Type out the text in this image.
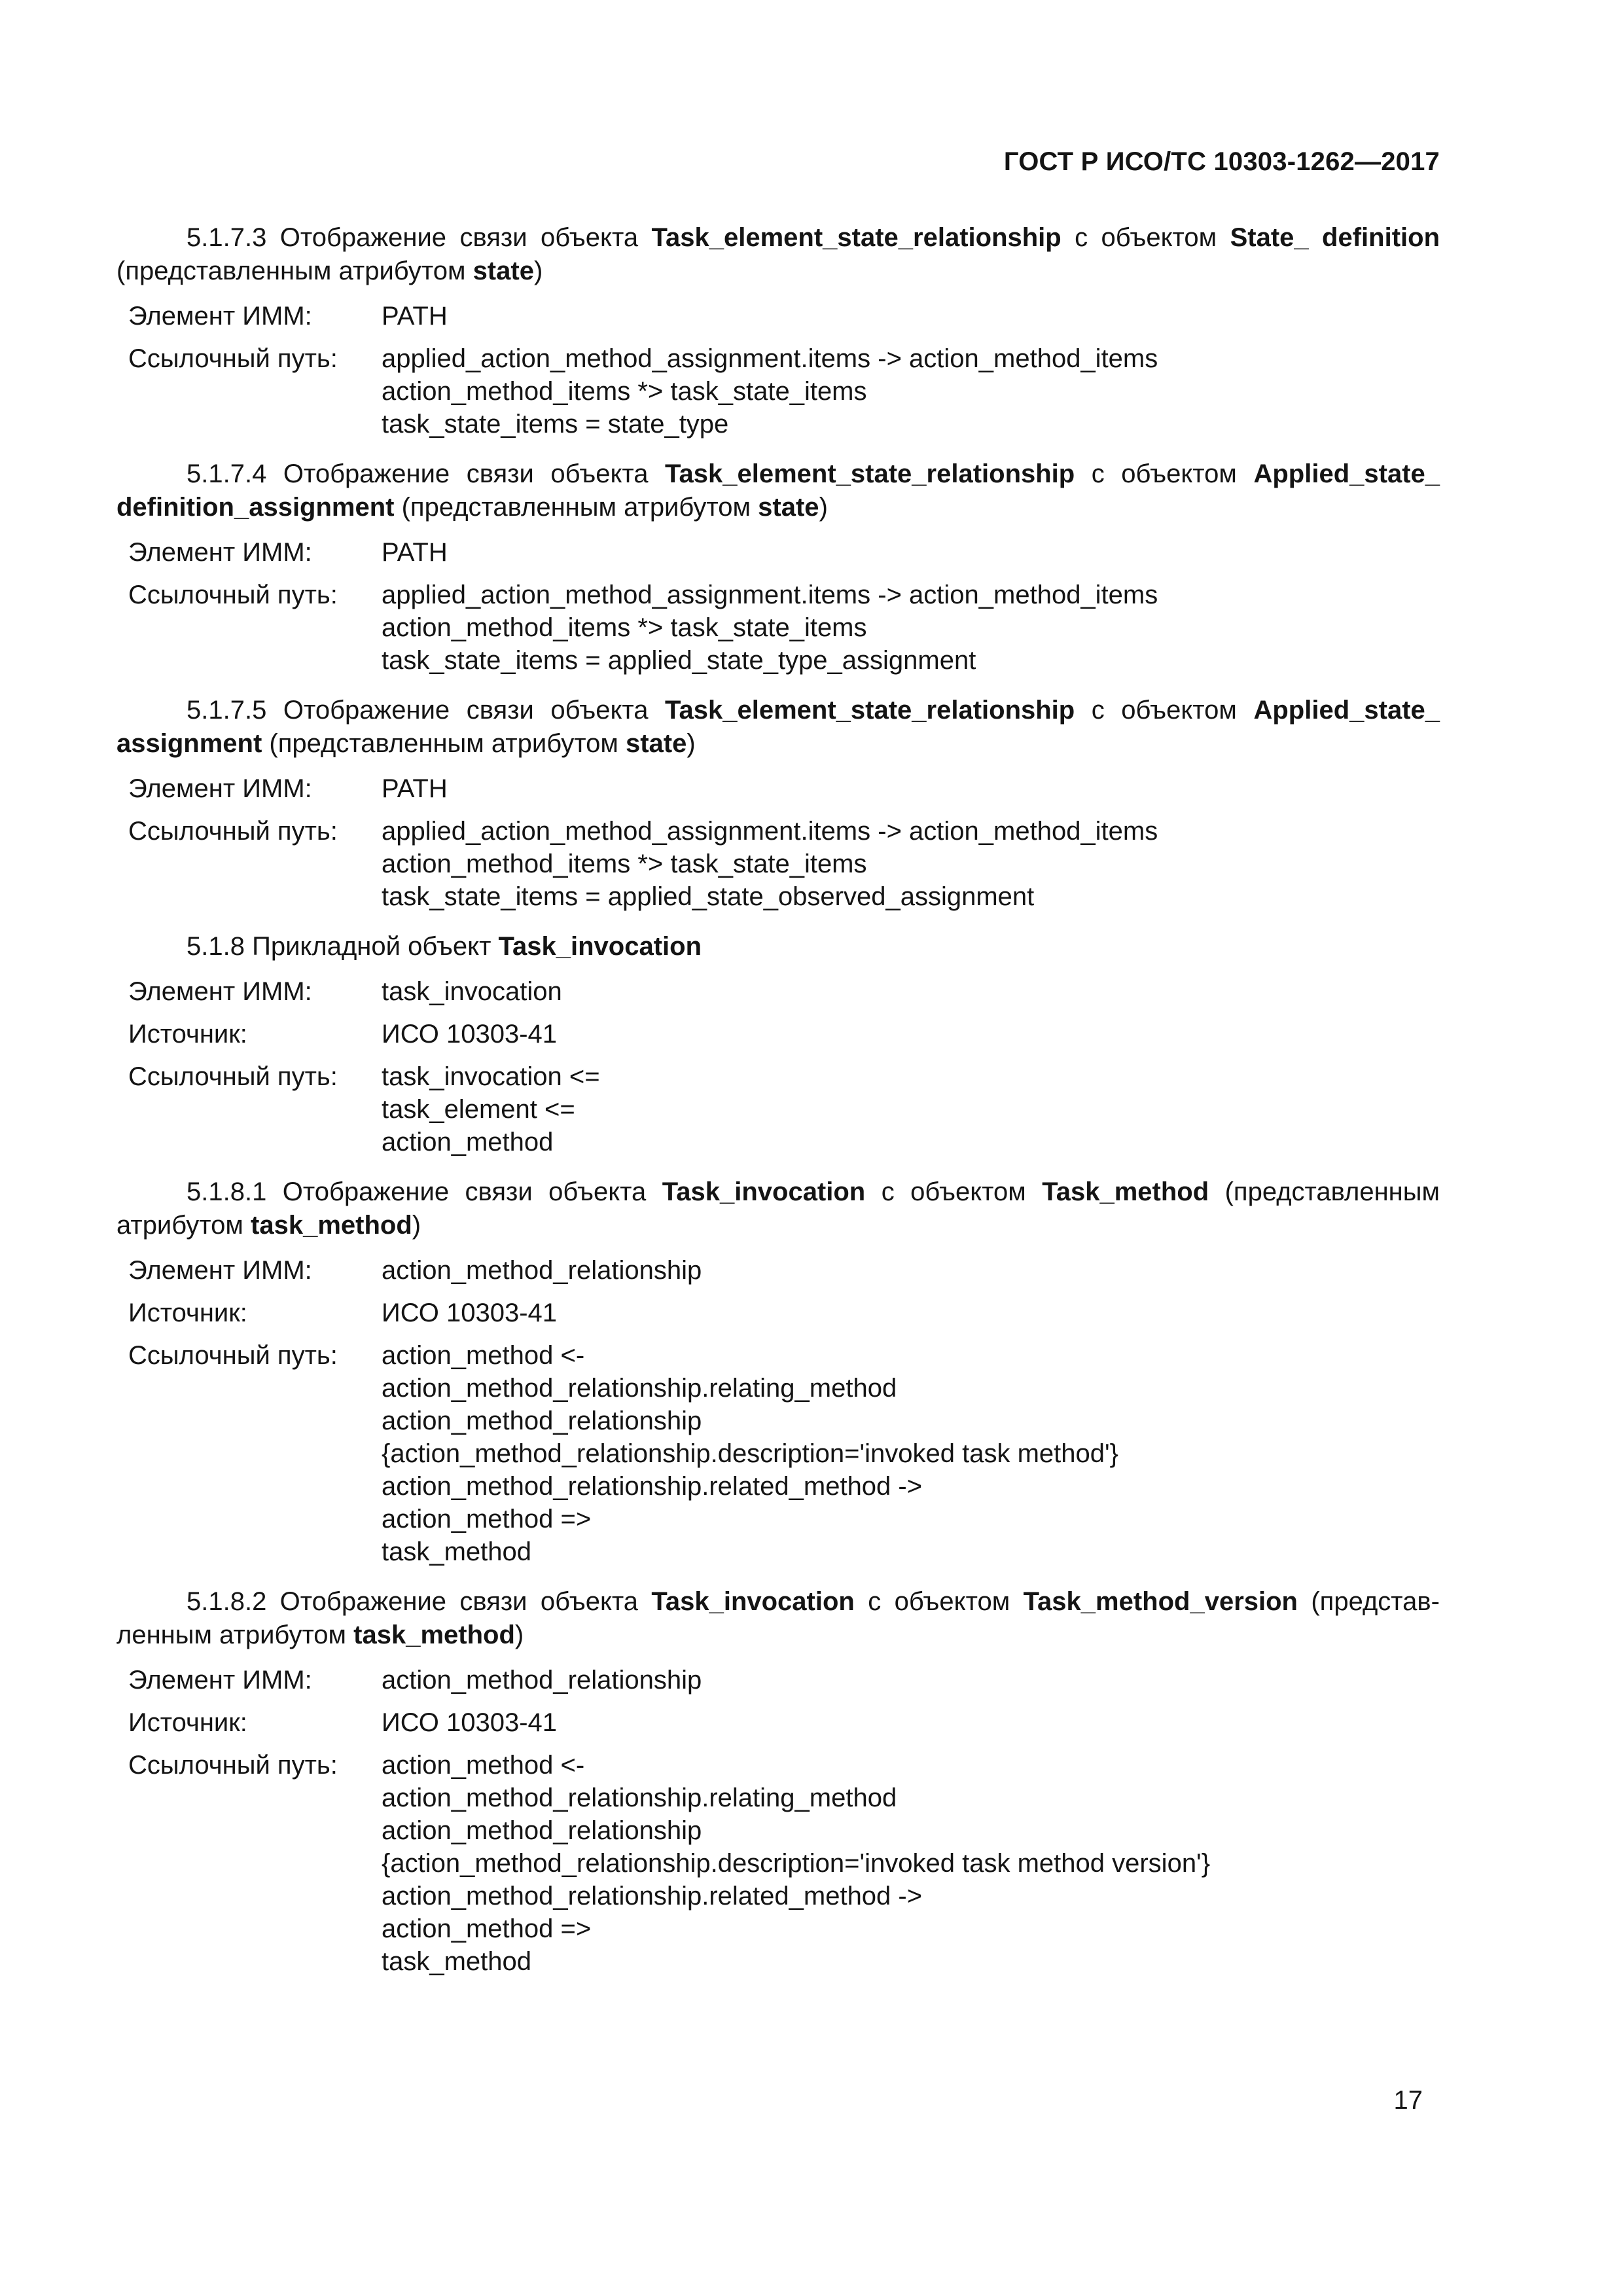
ГОСТ Р ИСО/ТС 10303-1262—2017

5.1.7.3 Отображение связи объекта Task_element_state_relationship с объектом State_ definition (представленным атрибутом state)

Элемент ИММ:	PATH
Ссылочный путь:	applied_action_method_assignment.items -> action_method_items
action_method_items *> task_state_items
task_state_items = state_type

5.1.7.4 Отображение связи объекта Task_element_state_relationship с объектом Applied_state_ definition_assignment (представленным атрибутом state)

Элемент ИММ:	PATH
Ссылочный путь:	applied_action_method_assignment.items -> action_method_items
action_method_items *> task_state_items
task_state_items = applied_state_type_assignment

5.1.7.5 Отображение связи объекта Task_element_state_relationship с объектом Applied_state_ assignment (представленным атрибутом state)

Элемент ИММ:	PATH
Ссылочный путь:	applied_action_method_assignment.items -> action_method_items
action_method_items *> task_state_items
task_state_items = applied_state_observed_assignment

5.1.8 Прикладной объект Task_invocation

Элемент ИММ:	task_invocation
Источник:	ИСО 10303-41
Ссылочный путь:	task_invocation <=
task_element <=
action_method

5.1.8.1 Отображение связи объекта Task_invocation с объектом Task_method (представленным атрибутом task_method)

Элемент ИММ:	action_method_relationship
Источник:	ИСО 10303-41
Ссылочный путь:	action_method <-
action_method_relationship.relating_method
action_method_relationship
{action_method_relationship.description='invoked task method'}
action_method_relationship.related_method ->
action_method =>
task_method

5.1.8.2 Отображение связи объекта Task_invocation с объектом Task_method_version (представленным атрибутом task_method)

Элемент ИММ:	action_method_relationship
Источник:	ИСО 10303-41
Ссылочный путь:	action_method <-
action_method_relationship.relating_method
action_method_relationship
{action_method_relationship.description='invoked task method version'}
action_method_relationship.related_method ->
action_method =>
task_method
17
